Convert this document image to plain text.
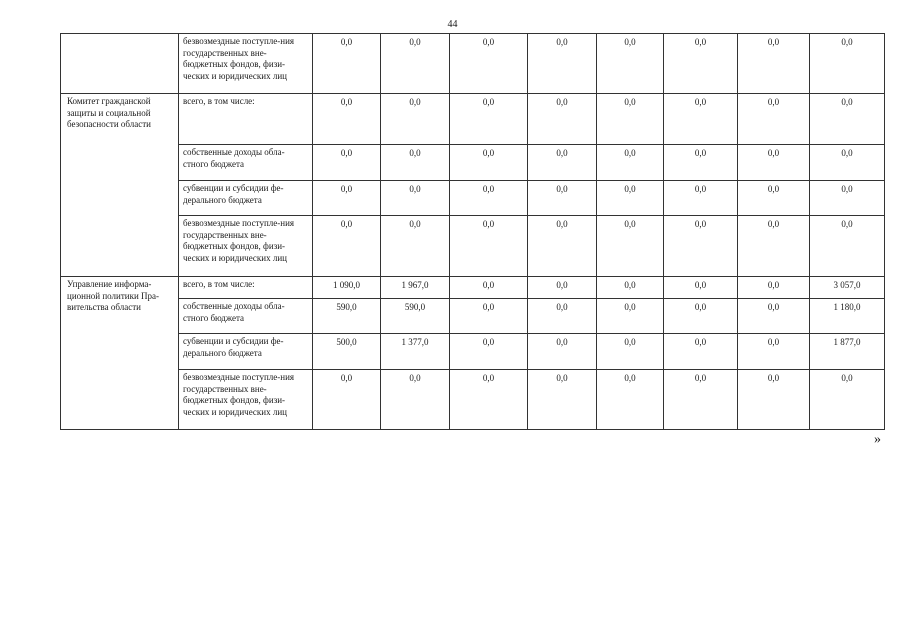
44
	безвозмездные поступле-ния государственных вне-бюджетных фондов, физи-ческих и юридических лиц	0,0	0,0	0,0	0,0	0,0	0,0	0,0	0,0
Комитет гражданской защиты и социальной безопасности области	всего, в том числе:	0,0	0,0	0,0	0,0	0,0	0,0	0,0	0,0
	собственные доходы обла-стного бюджета	0,0	0,0	0,0	0,0	0,0	0,0	0,0	0,0
	субвенции и субсидии фе-дерального бюджета	0,0	0,0	0,0	0,0	0,0	0,0	0,0	0,0
	безвозмездные поступле-ния государственных вне-бюджетных фондов, физи-ческих и юридических лиц	0,0	0,0	0,0	0,0	0,0	0,0	0,0	0,0
Управление информа-ционной политики Пра-вительства области	всего, в том числе:	1 090,0	1 967,0	0,0	0,0	0,0	0,0	0,0	3 057,0
	собственные доходы обла-стного бюджета	590,0	590,0	0,0	0,0	0,0	0,0	0,0	1 180,0
	субвенции и субсидии фе-дерального бюджета	500,0	1 377,0	0,0	0,0	0,0	0,0	0,0	1 877,0
	безвозмездные поступле-ния государственных вне-бюджетных фондов, физи-ческих и юридических лиц	0,0	0,0	0,0	0,0	0,0	0,0	0,0	0,0
»
